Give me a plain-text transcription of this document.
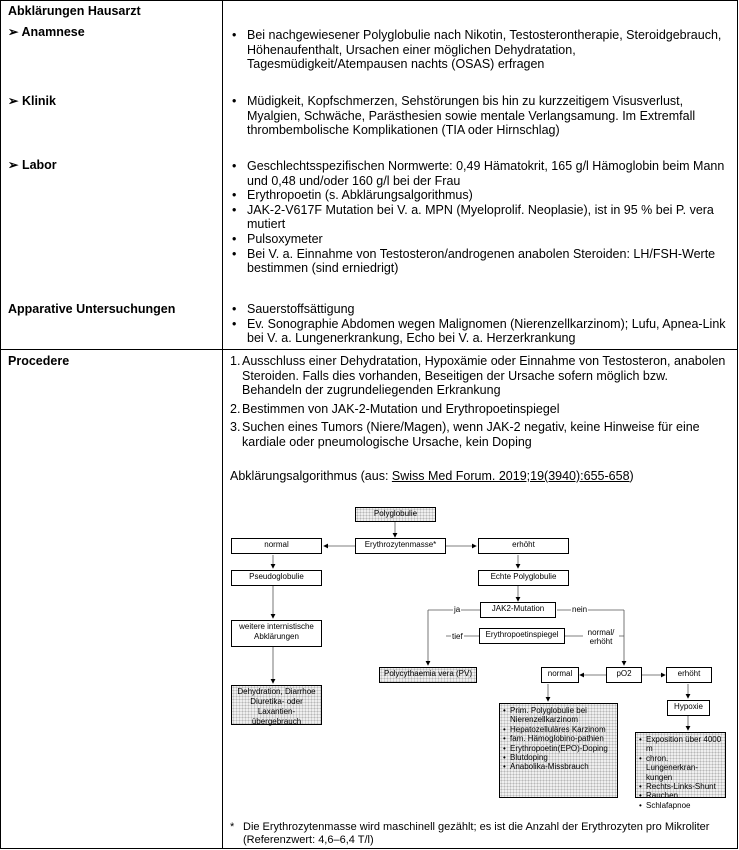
Abklärungen Hausarzt
➢ Anamnese	• Bei nachgewiesener Polyglobulie nach Nikotin, Testosterontherapie, Steroidgebrauch, Höhenaufenthalt, Ursachen einer möglichen Dehydratation, Tagesmüdigkeit/Atempausen nachts (OSAS) erfragen
➢ Klinik	• Müdigkeit, Kopfschmerzen, Sehstörungen bis hin zu kurzzeitigem Visusverlust, Myalgien, Schwäche, Parästhesien sowie mentale Verlangsamung. Im Extremfall thrombembolische Komplikationen (TIA oder Hirnschlag)
➢ Labor	• Geschlechtsspezifischen Normwerte: 0,49 Hämatokrit, 165 g/l Hämoglobin beim Mann und 0,48 und/oder 160 g/l bei der Frau
• Erythropoetin (s. Abklärungsalgorithmus)
• JAK-2-V617F Mutation bei V. a. MPN (Myeloprolif. Neoplasie), ist in 95 % bei P. vera mutiert
• Pulsoxymeter
• Bei V. a. Einnahme von Testosteron/androgenen anabolen Steroiden: LH/FSH-Werte bestimmen (sind erniedrigt)
Apparative Untersuchungen	• Sauerstoffsättigung
• Ev. Sonographie Abdomen wegen Malignomen (Nierenzellkarzinom); Lufu, Apnea-Link bei V. a. Lungenerkrankung, Echo bei V. a. Herzerkrankung
Procedere	1. Ausschluss einer Dehydratation, Hypoxämie oder Einnahme von Testosteron, anabolen Steroiden. Falls dies vorhanden, Beseitigen der Ursache sofern möglich bzw. Behandeln der zugrundeliegenden Erkrankung
2. Bestimmen von JAK-2-Mutation und Erythropoetinspiegel
3. Suchen eines Tumors (Niere/Magen), wenn JAK-2 negativ, keine Hinweise für eine kardiale oder pneumologische Ursache, kein Doping
Abklärungsalgorithmus (aus: Swiss Med Forum. 2019;19(3940):655-658)
Polyglobulie
Erythrozytenmasse*
normal	erhöht
Pseudoglobulie	Echte Polyglobulie
JAK2-Mutation
ja	nein
weitere internistische Abklärungen	tief	Erythropoetinspiegel	normal/ erhöht
Polycythaemia vera (PV)	normal	pO2	erhöht
Dehydration, Diarrhoe Diuretika- oder Laxantien-übergebrauch
Hypoxie
• Prim. Polyglobulie bei Nierenzellkarzinom
• Hepatozelluläres Karzinom
• fam. Hämoglobino-pathien
• Erythropoetin(EPO)-Doping
• Blutdoping
• Anabolika-Missbrauch
• Exposition über 4000 m
• chron. Lungenerkran-kungen
• Rechts-Links-Shunt
• Rauchen
• Schlafapnoe
* Die Erythrozytenmasse wird maschinell gezählt; es ist die Anzahl der Erythrozyten pro Mikroliter (Referenzwert: 4,6–6,4 T/l)
